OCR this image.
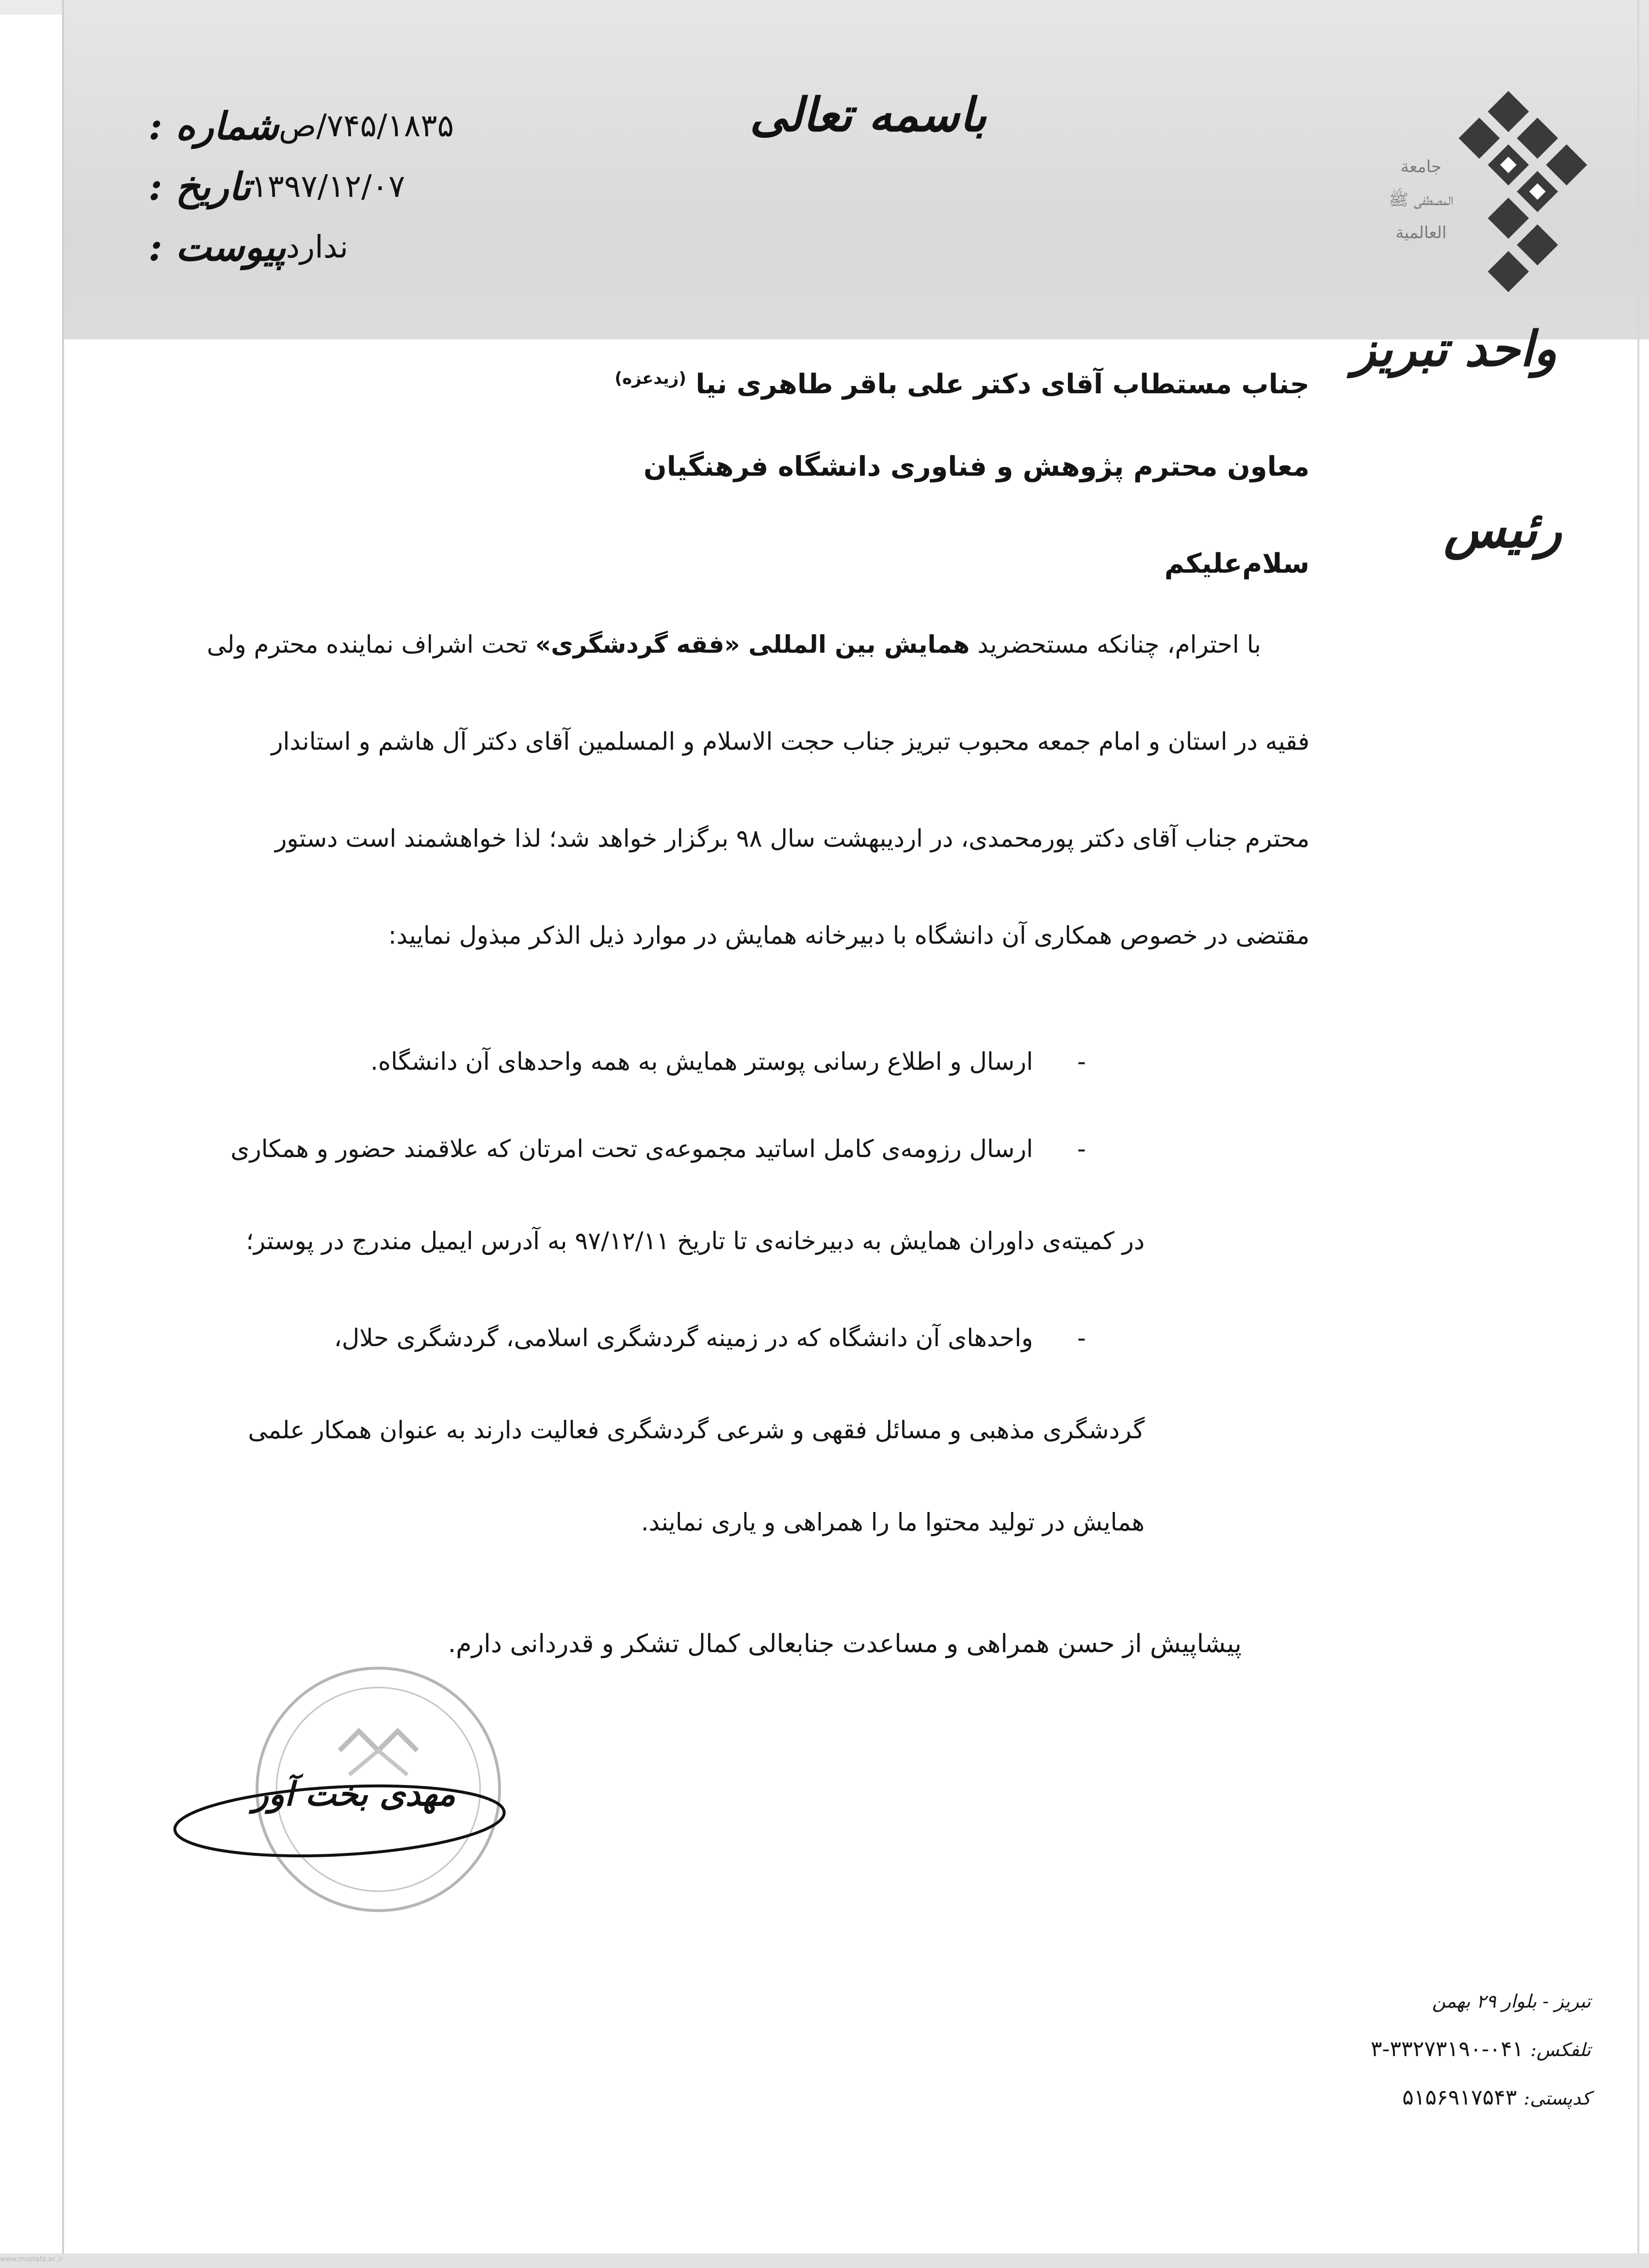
باسمه تعالی
شماره : ۷۴۵/۱۸۳۵/ص
تاریخ : ۱۳۹۷/۱۲/۰۷
پیوست : ندارد
جامعة
المصطفی ﷺ
العالمیة
واحد تبریز
رئیس
جناب مستطاب آقای دکتر علی باقر طاهری نیا $^{(زیدعزه)}$
معاون محترم پژوهش و فناوری دانشگاه فرهنگیان
سلام‌علیکم
با احترام، چنانکه مستحضرید همایش بین المللی «فقه گردشگری» تحت اشراف نماینده محترم ولی
فقیه در استان و امام جمعه محبوب تبریز جناب حجت الاسلام و المسلمین آقای دکتر آل هاشم و استاندار
محترم جناب آقای دکتر پورمحمدی، در اردیبهشت سال ۹۸ برگزار خواهد شد؛ لذا خواهشمند است دستور
مقتضی در خصوص همکاری آن دانشگاه با دبیرخانه همایش در موارد ذیل الذکر مبذول نمایید:
-
ارسال و اطلاع رسانی پوستر همایش به همه واحدهای آن دانشگاه.
-
ارسال رزومه‌ی کامل اساتید مجموعه‌ی تحت امرتان که علاقمند حضور و همکاری
در کمیته‌ی داوران همایش به دبیرخانه‌ی تا تاریخ ۹۷/۱۲/۱۱ به آدرس ایمیل مندرج در پوستر؛
-
واحدهای آن دانشگاه که در زمینه گردشگری اسلامی، گردشگری حلال،
گردشگری مذهبی و مسائل فقهی و شرعی گردشگری فعالیت دارند به عنوان همکار علمی
همایش در تولید محتوا ما را همراهی و یاری نمایند.
پیشاپیش از حسن همراهی و مساعدت جنابعالی کمال تشکر و قدردانی دارم.
مهدی بخت آور
تبریز - بلوار ۲۹ بهمن
تلفکس: ۰۴۱-۳۳۲۷۳۱۹۰-۳
کدپستی: ۵۱۵۶۹۱۷۵۴۳
www.mustafa.ac.ir
